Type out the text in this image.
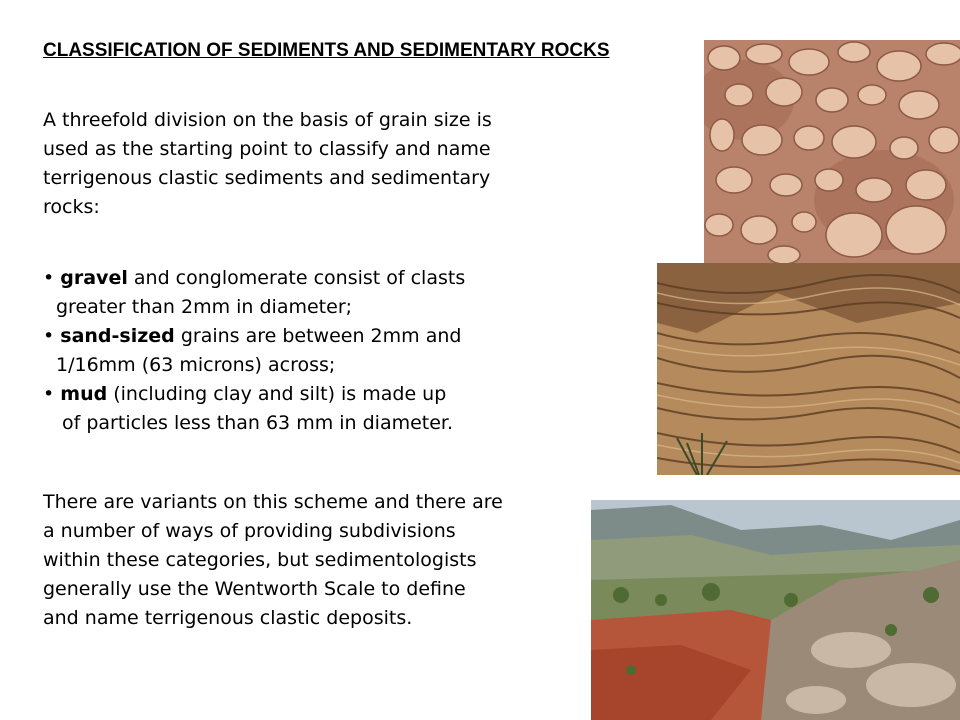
CLASSIFICATION OF SEDIMENTS AND SEDIMENTARY ROCKS
A threefold division on the basis of grain size is
used as the starting point to classify and name
terrigenous clastic sediments and sedimentary
rocks:
• gravel and conglomerate consist of clasts
greater than 2mm in diameter;
• sand-sized grains are between 2mm and
1/16mm (63 microns) across;
• mud (including clay and silt) is made up
of particles less than 63 mm in diameter.
There are variants on this scheme and there are
a number of ways of providing subdivisions
within these categories, but sedimentologists
generally use the Wentworth Scale to define
and name terrigenous clastic deposits.
